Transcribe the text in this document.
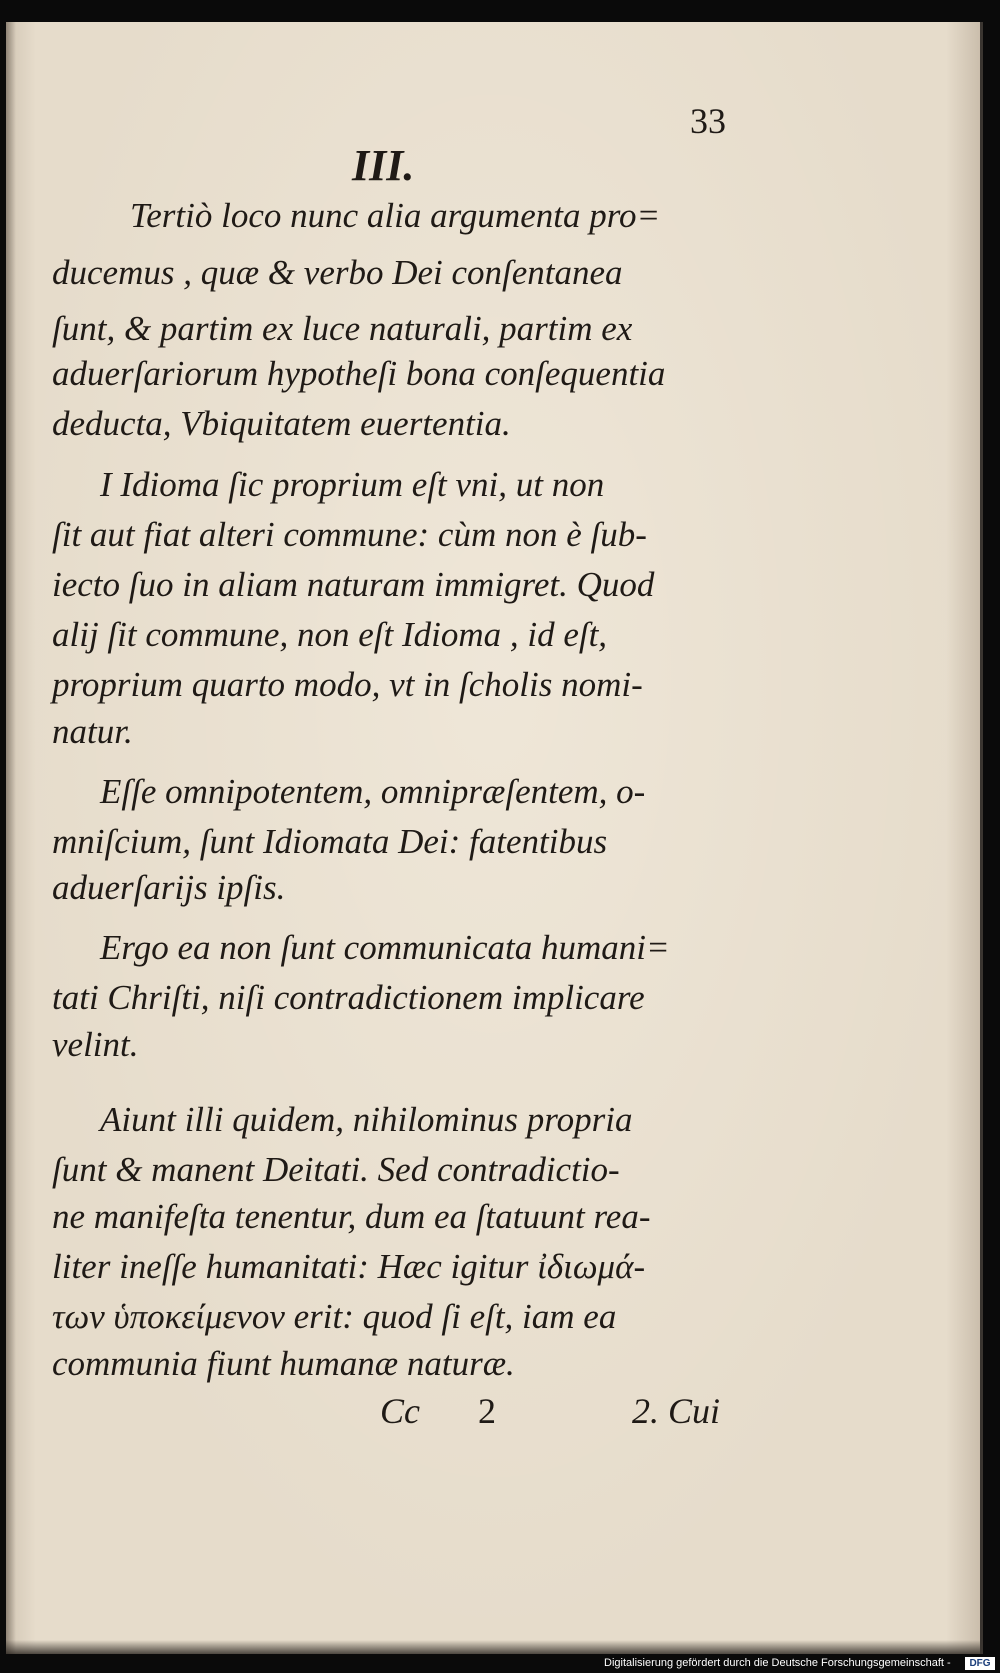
33
III.
Tertiò loco nunc alia argumenta pro=
ducemus , quæ & verbo Dei conſentanea
ſunt, & partim ex luce naturali, partim ex
aduerſariorum hypotheſi bona conſequentia
deducta, Vbiquitatem euertentia.
I Idioma ſic proprium eſt vni, ut non
ſit aut fiat alteri commune: cùm non è ſub-
iecto ſuo in aliam naturam immigret. Quod
alij ſit commune, non eſt Idioma , id eſt,
proprium quarto modo, vt in ſcholis nomi-
natur.
Eſſe omnipotentem, omnipræſentem, o-
mniſcium, ſunt Idiomata Dei: fatentibus
aduerſarijs ipſis.
Ergo ea non ſunt communicata humani=
tati Chriſti, niſi contradictionem implicare
velint.
Aiunt illi quidem, nihilominus propria
ſunt & manent Deitati. Sed contradictio-
ne manifeſta tenentur, dum ea ſtatuunt rea-
liter ineſſe humanitati: Hæc igitur ἰδιωμά-
των ὑποκείμενον erit: quod ſi eſt, iam ea
communia fiunt humanæ naturæ.
Cc 2	2. Cui
Digitalisierung gefördert durch die Deutsche Forschungsgemeinschaft -	DFG
